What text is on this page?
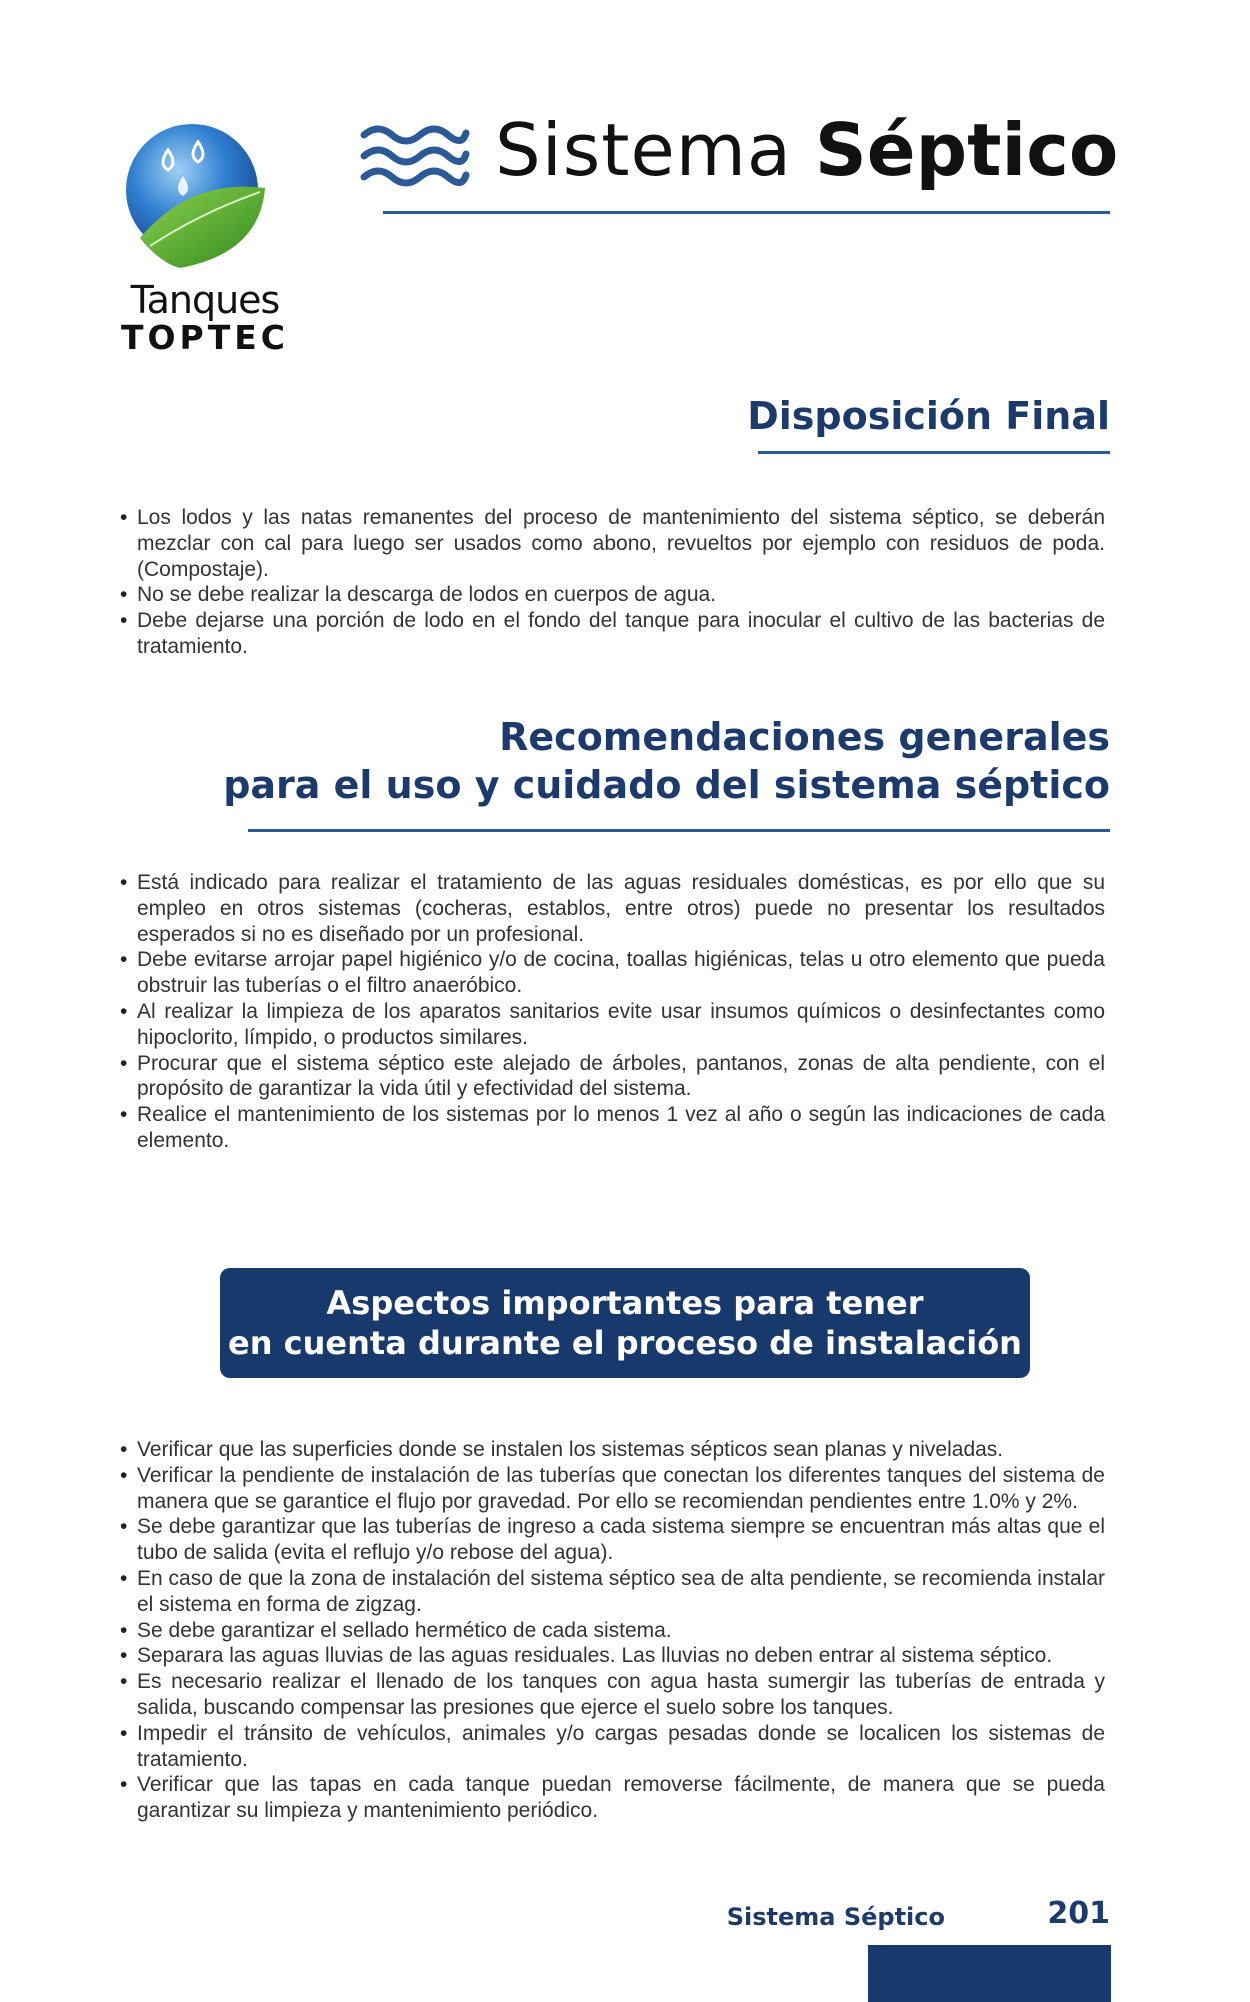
Tanques
TOPTEC
Sistema Séptico
Disposición Final
• Los lodos y las natas remanentes del proceso de mantenimiento del sistema séptico, se deberán mezclar con cal para luego ser usados como abono, revueltos por ejemplo con residuos de poda. (Compostaje).
• No se debe realizar la descarga de lodos en cuerpos de agua.
• Debe dejarse una porción de lodo en el fondo del tanque para inocular el cultivo de las bacterias de tratamiento.
Recomendaciones generales
para el uso y cuidado del sistema séptico
• Está indicado para realizar el tratamiento de las aguas residuales domésticas, es por ello que su empleo en otros sistemas (cocheras, establos, entre otros) puede no presentar los resultados esperados si no es diseñado por un profesional.
• Debe evitarse arrojar papel higiénico y/o de cocina, toallas higiénicas, telas u otro elemento que pueda obstruir las tuberías o el filtro anaeróbico.
• Al realizar la limpieza de los aparatos sanitarios evite usar insumos químicos o desinfectantes como hipoclorito, límpido, o productos similares.
• Procurar que el sistema séptico este alejado de árboles, pantanos, zonas de alta pendiente, con el propósito de garantizar la vida útil y efectividad del sistema.
• Realice el mantenimiento de los sistemas por lo menos 1 vez al año o según las indicaciones de cada elemento.
Aspectos importantes para tener
en cuenta durante el proceso de instalación
• Verificar que las superficies donde se instalen los sistemas sépticos sean planas y niveladas.
• Verificar la pendiente de instalación de las tuberías que conectan los diferentes tanques del sistema de manera que se garantice el flujo por gravedad. Por ello se recomiendan pendientes entre 1.0% y 2%.
• Se debe garantizar que las tuberías de ingreso a cada sistema siempre se encuentran más altas que el tubo de salida (evita el reflujo y/o rebose del agua).
• En caso de que la zona de instalación del sistema séptico sea de alta pendiente, se recomienda instalar el sistema en forma de zigzag.
• Se debe garantizar el sellado hermético de cada sistema.
• Separara las aguas lluvias de las aguas residuales. Las lluvias no deben entrar al sistema séptico.
• Es necesario realizar el llenado de los tanques con agua hasta sumergir las tuberías de entrada y salida, buscando compensar las presiones que ejerce el suelo sobre los tanques.
• Impedir el tránsito de vehículos, animales y/o cargas pesadas donde se localicen los sistemas de tratamiento.
• Verificar que las tapas en cada tanque puedan removerse fácilmente, de manera que se pueda garantizar su limpieza y mantenimiento periódico.
Sistema Séptico	201
